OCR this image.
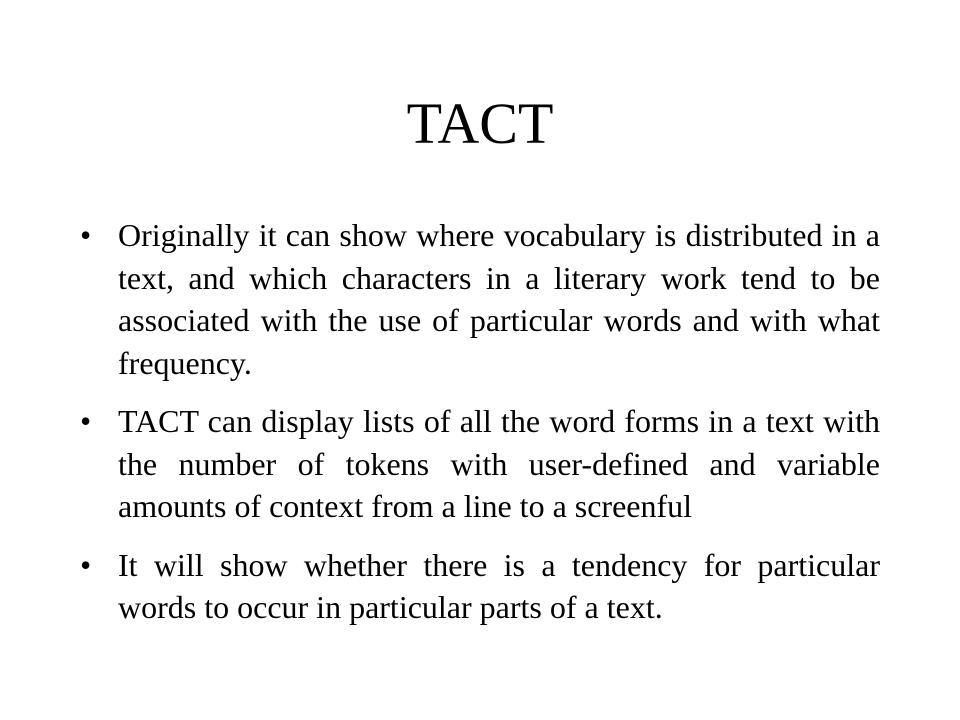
TACT
• Originally it can show where vocabulary is distributed in a text, and which characters in a literary work tend to be associated with the use of particular words and with what frequency.
• TACT can display lists of all the word forms in a text with the number of tokens with user-defined and variable amounts of context from a line to a screenful
• It will show whether there is a tendency for particular words to occur in particular parts of a text.
